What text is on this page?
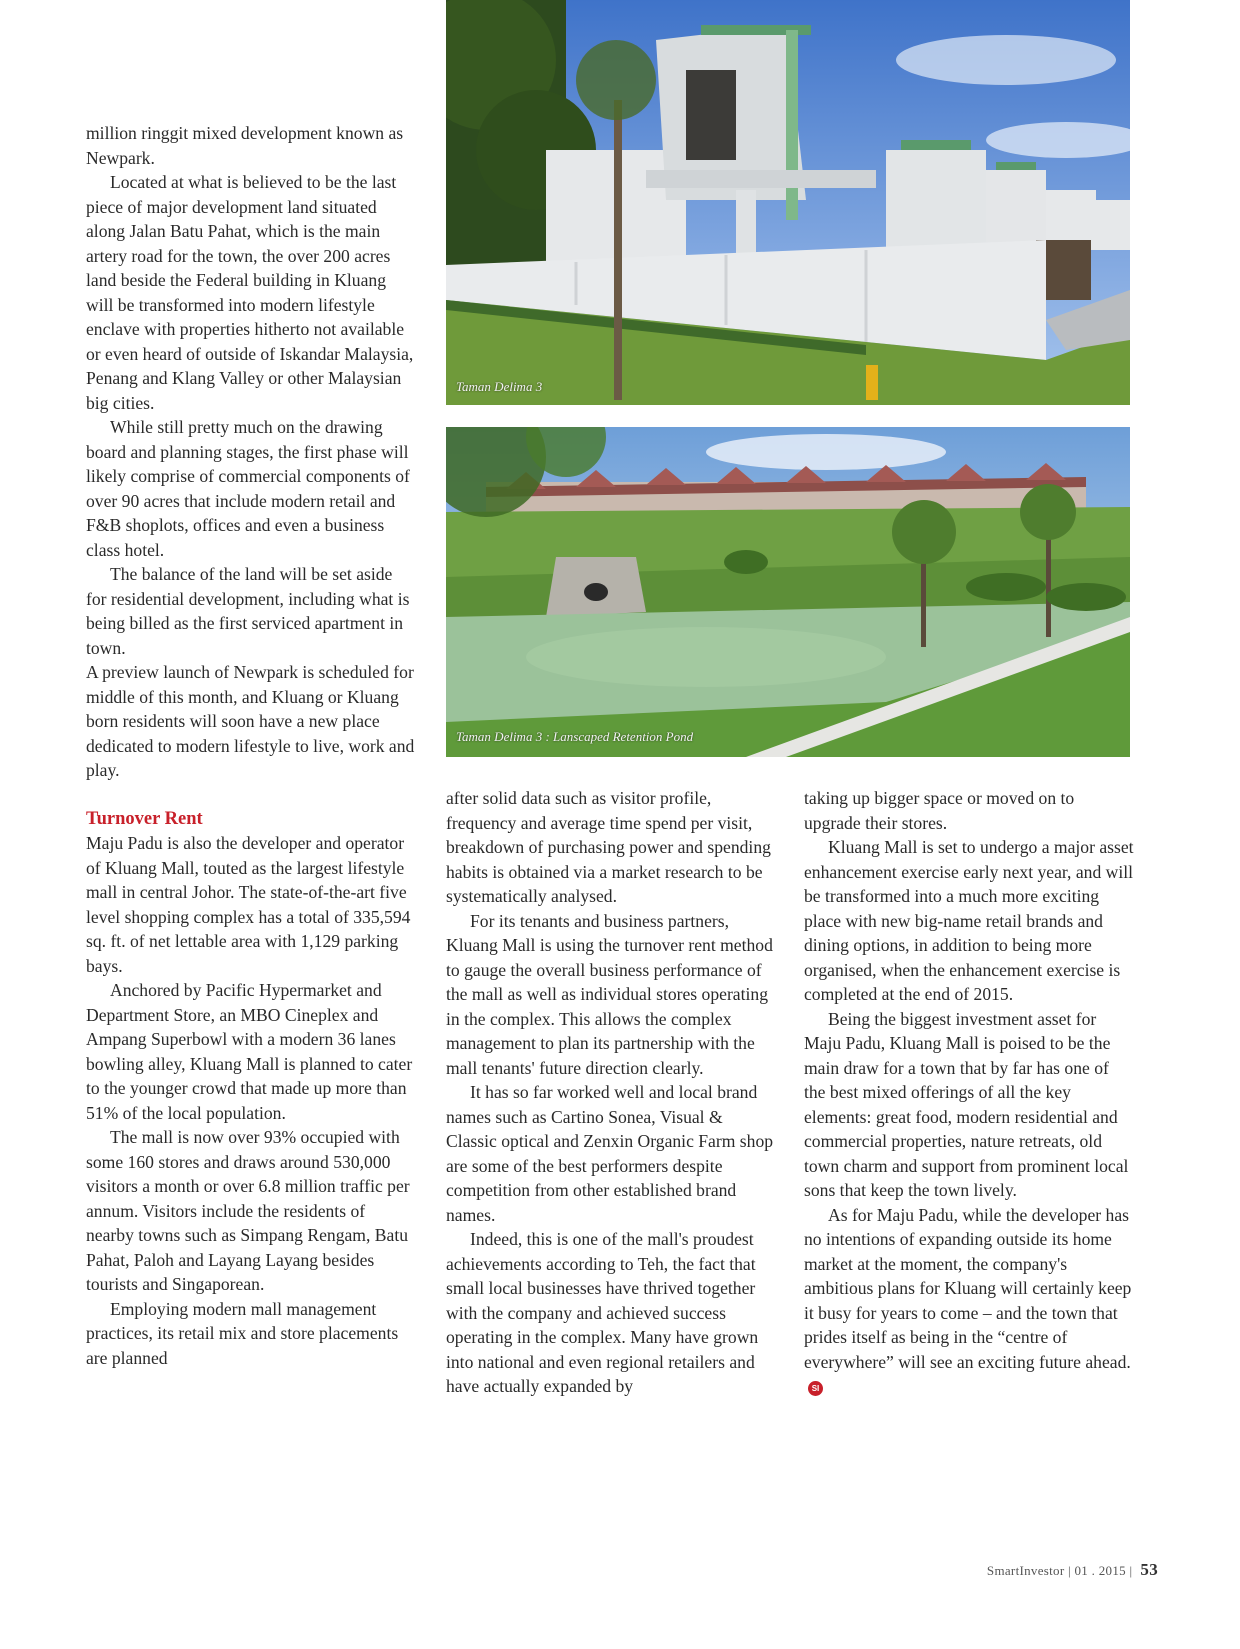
Taman Delima 3
Taman Delima 3 : Lanscaped Retention Pond

million ringgit mixed development known as Newpark.

Located at what is believed to be the last piece of major development land situated along Jalan Batu Pahat, which is the main artery road for the town, the over 200 acres land beside the Federal building in Kluang will be transformed into modern lifestyle enclave with properties hitherto not available or even heard of outside of Iskandar Malaysia, Penang and Klang Valley or other Malaysian big cities.

While still pretty much on the drawing board and planning stages, the first phase will likely comprise of commercial components of over 90 acres that include modern retail and F&B shoplots, offices and even a business class hotel.

The balance of the land will be set aside for residential development, including what is being billed as the first serviced apartment in town.

A preview launch of Newpark is scheduled for middle of this month, and Kluang or Kluang born residents will soon have a new place dedicated to modern lifestyle to live, work and play.

Turnover Rent

Maju Padu is also the developer and operator of Kluang Mall, touted as the largest lifestyle mall in central Johor. The state-of-the-art five level shopping complex has a total of 335,594 sq. ft. of net lettable area with 1,129 parking bays.

Anchored by Pacific Hypermarket and Department Store, an MBO Cineplex and Ampang Superbowl with a modern 36 lanes bowling alley, Kluang Mall is planned to cater to the younger crowd that made up more than 51% of the local population.

The mall is now over 93% occupied with some 160 stores and draws around 530,000 visitors a month or over 6.8 million traffic per annum. Visitors include the residents of nearby towns such as Simpang Rengam, Batu Pahat, Paloh and Layang Layang besides tourists and Singaporean.

Employing modern mall management practices, its retail mix and store placements are planned

after solid data such as visitor profile, frequency and average time spend per visit, breakdown of purchasing power and spending habits is obtained via a market research to be systematically analysed.

For its tenants and business partners, Kluang Mall is using the turnover rent method to gauge the overall business performance of the mall as well as individual stores operating in the complex. This allows the complex management to plan its partnership with the mall tenants' future direction clearly.

It has so far worked well and local brand names such as Cartino Sonea, Visual & Classic optical and Zenxin Organic Farm shop are some of the best performers despite competition from other established brand names.

Indeed, this is one of the mall's proudest achievements according to Teh, the fact that small local businesses have thrived together with the company and achieved success operating in the complex. Many have grown into national and even regional retailers and have actually expanded by

taking up bigger space or moved on to upgrade their stores.

Kluang Mall is set to undergo a major asset enhancement exercise early next year, and will be transformed into a much more exciting place with new big-name retail brands and dining options, in addition to being more organised, when the enhancement exercise is completed at the end of 2015.

Being the biggest investment asset for Maju Padu, Kluang Mall is poised to be the main draw for a town that by far has one of the best mixed offerings of all the key elements: great food, modern residential and commercial properties, nature retreats, old town charm and support from prominent local sons that keep the town lively.

As for Maju Padu, while the developer has no intentions of expanding outside its home market at the moment, the company's ambitious plans for Kluang will certainly keep it busy for years to come – and the town that prides itself as being in the “centre of everywhere” will see an exciting future ahead.SI

SmartInvestor | 01 . 2015 | 53
